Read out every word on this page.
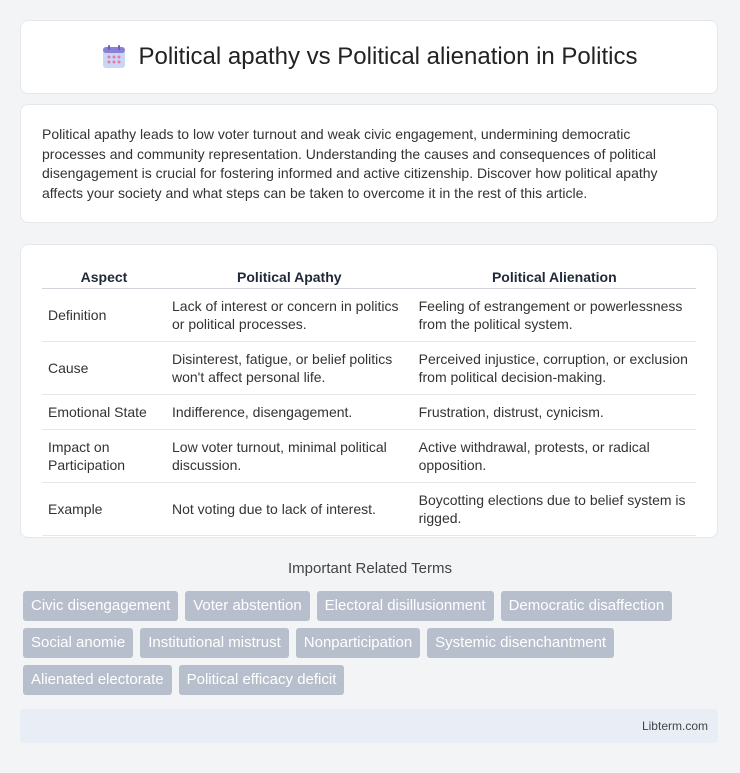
Political apathy vs Political alienation in Politics

Political apathy leads to low voter turnout and weak civic engagement, undermining democratic processes and community representation. Understanding the causes and consequences of political disengagement is crucial for fostering informed and active citizenship. Discover how political apathy affects your society and what steps can be taken to overcome it in the rest of this article.

Aspect	Political Apathy	Political Alienation
Definition	Lack of interest or concern in politics or political processes.	Feeling of estrangement or powerlessness from the political system.
Cause	Disinterest, fatigue, or belief politics won't affect personal life.	Perceived injustice, corruption, or exclusion from political decision-making.
Emotional State	Indifference, disengagement.	Frustration, distrust, cynicism.
Impact on Participation	Low voter turnout, minimal political discussion.	Active withdrawal, protests, or radical opposition.
Example	Not voting due to lack of interest.	Boycotting elections due to belief system is rigged.
Important Related Terms
Civic disengagement	Voter abstention	Electoral disillusionment	Democratic disaffection
Social anomie	Institutional mistrust	Nonparticipation	Systemic disenchantment
Alienated electorate	Political efficacy deficit
Libterm.com
